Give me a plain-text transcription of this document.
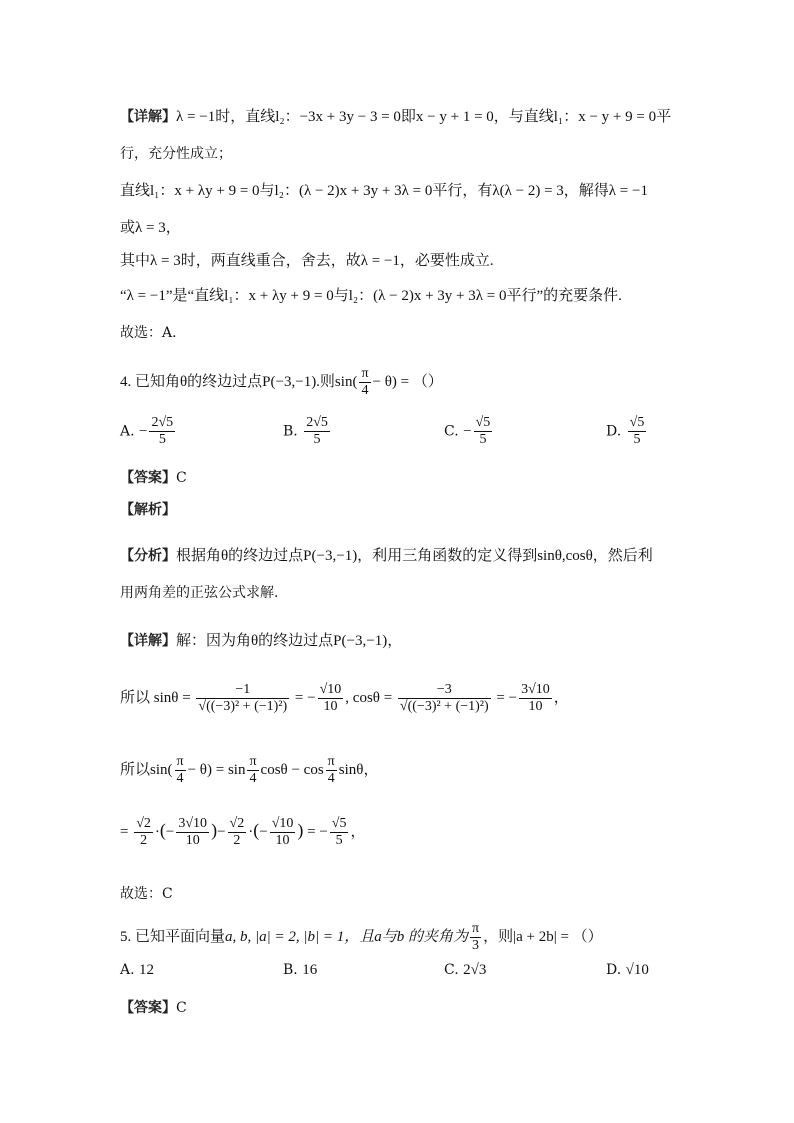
【详解】λ = −1时，直线l₂：−3x + 3y − 3 = 0即x − y + 1 = 0，与直线l₁：x − y + 9 = 0平
行，充分性成立；
直线l₁：x + λy + 9 = 0与l₂：(λ − 2)x + 3y + 3λ = 0平行，有λ(λ − 2) = 3，解得λ = −1
或λ = 3，
其中λ = 3时，两直线重合，舍去，故λ = −1，必要性成立.
“λ = −1”是“直线l₁：x + λy + 9 = 0与l₂：(λ − 2)x + 3y + 3λ = 0平行”的充要条件.
故选：A.
4. 已知角θ的终边过点P(−3,−1).则$\sin( \frac{\pi}{4} - \theta)$ = （）
A. − $\frac{2√5}{5}$	B. $\frac{2√5}{5}$	C. − $\frac{√5}{5}$	D. $\frac{√5}{5}$
【答案】C
【解析】
【分析】根据角θ的终边过点P(−3,−1)，利用三角函数的定义得到sinθ,cosθ，然后利
用两角差的正弦公式求解.
【详解】解：因为角θ的终边过点P(−3,−1)，
所以 $\sin\theta = \frac{-1}{\text{√((−3)² + (−1)²)}}$ = − $\frac{√10}{10}$ , $\cos\theta = \frac{-3}{\text{√((−3)² + (−1)²)}}$ = − $\frac{3√10}{10}$ ，
所以$\sin( \frac{\pi}{4} - \theta) = \sin \frac{\pi}{4}$ $\cos\theta - \cos \frac{\pi}{4}$ sinθ，
= $\frac{√2}{2}$ ·(− $\frac{3√10}{10}$ )− $\frac{√2}{2}$ ·(− $\frac{√10}{10}$ ) = − $\frac{√5}{5}$ ，
故选：C
5. 已知平面向量a, b, |a| = 2, |b| = 1，且a与b 的夹角为 $\frac{\pi}{3}$ ，则|a + 2b| = （）
A. 12	B. 16	C. 2√3	D. √10
【答案】C
